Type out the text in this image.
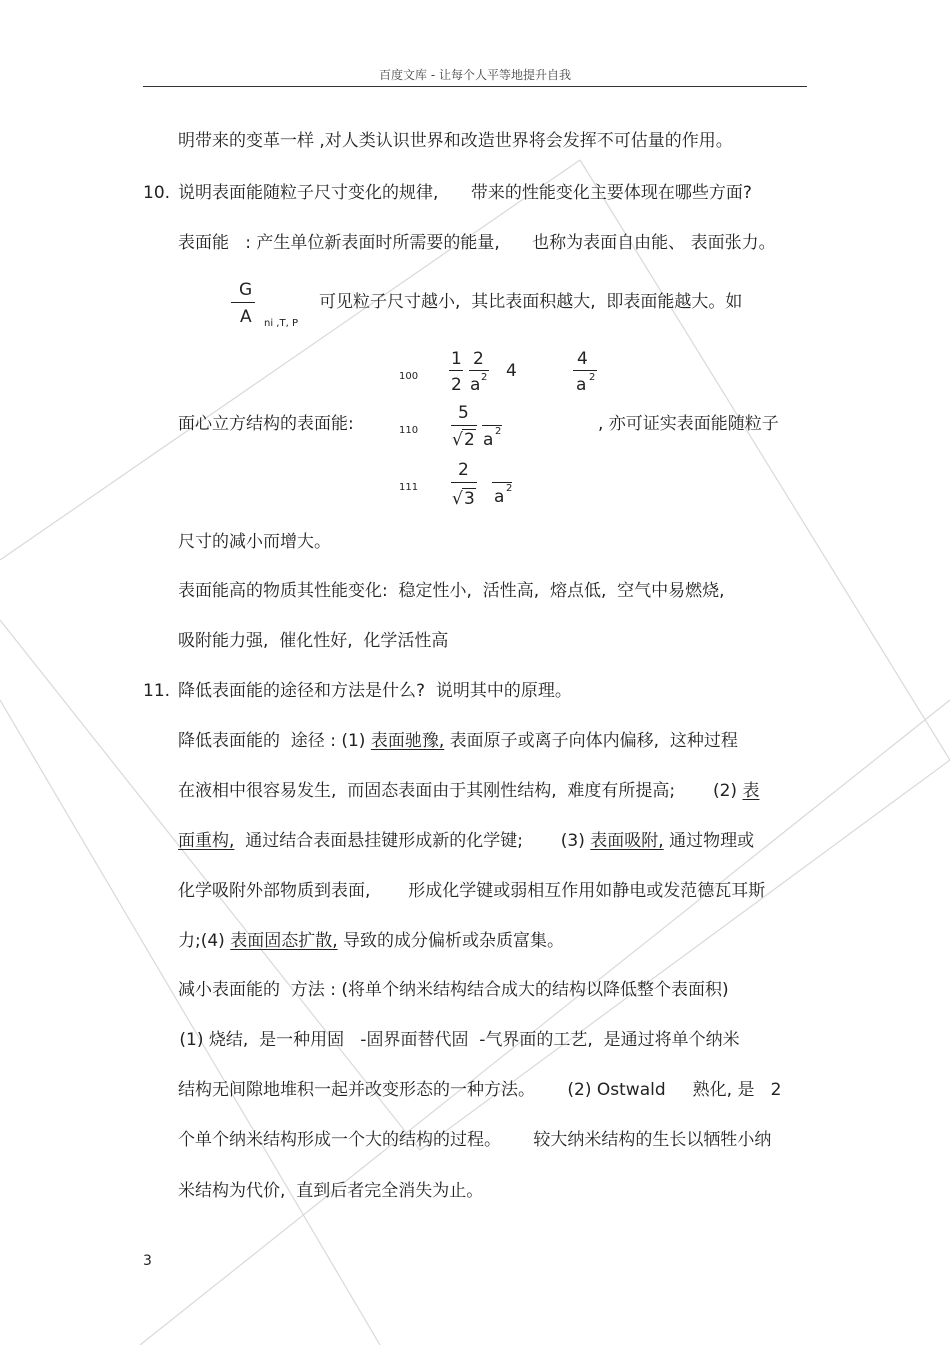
百度文库 - 让每个人平等地提升自我
明带来的变革一样 ,对人类认识世界和改造世界将会发挥不可估量的作用。
10. 说明表面能随粒子尺寸变化的规律,      带来的性能变化主要体现在哪些方面?
表面能   : 产生单位新表面时所需要的能量,      也称为表面自由能、 表面张力。
G
A ni ,T, P
可见粒子尺寸越小,  其比表面积越大,  即表面能越大。如
100
1
2
2
a 2 4
4
a 2
面心立方结构的表面能:	110
5
√ 2 a 2	, 亦可证实表面能随粒子
111
2
√ 3 a 2
尺寸的减小而增大。
表面能高的物质其性能变化:  稳定性小,  活性高,  熔点低,  空气中易燃烧,
吸附能力强,  催化性好,  化学活性高
11. 降低表面能的途径和方法是什么?  说明其中的原理。
降低表面能的  途径 : (1) 表面驰豫, 表面原子或离子向体内偏移,  这种过程
在液相中很容易发生,  而固态表面由于其刚性结构,  难度有所提高;       (2) 表
面重构,  通过结合表面悬挂键形成新的化学键;       (3) 表面吸附, 通过物理或
化学吸附外部物质到表面,       形成化学键或弱相互作用如静电或发范德瓦耳斯
力;(4) 表面固态扩散, 导致的成分偏析或杂质富集。
减小表面能的  方法 : (将单个纳米结构结合成大的结构以降低整个表面积)
(1) 烧结,  是一种用固   -固界面替代固  -气界面的工艺,  是通过将单个纳米
结构无间隙地堆积一起并改变形态的一种方法。      (2) Ostwald     熟化, 是   2
个单个纳米结构形成一个大的结构的过程。      较大纳米结构的生长以牺牲小纳
米结构为代价,  直到后者完全消失为止。
3
